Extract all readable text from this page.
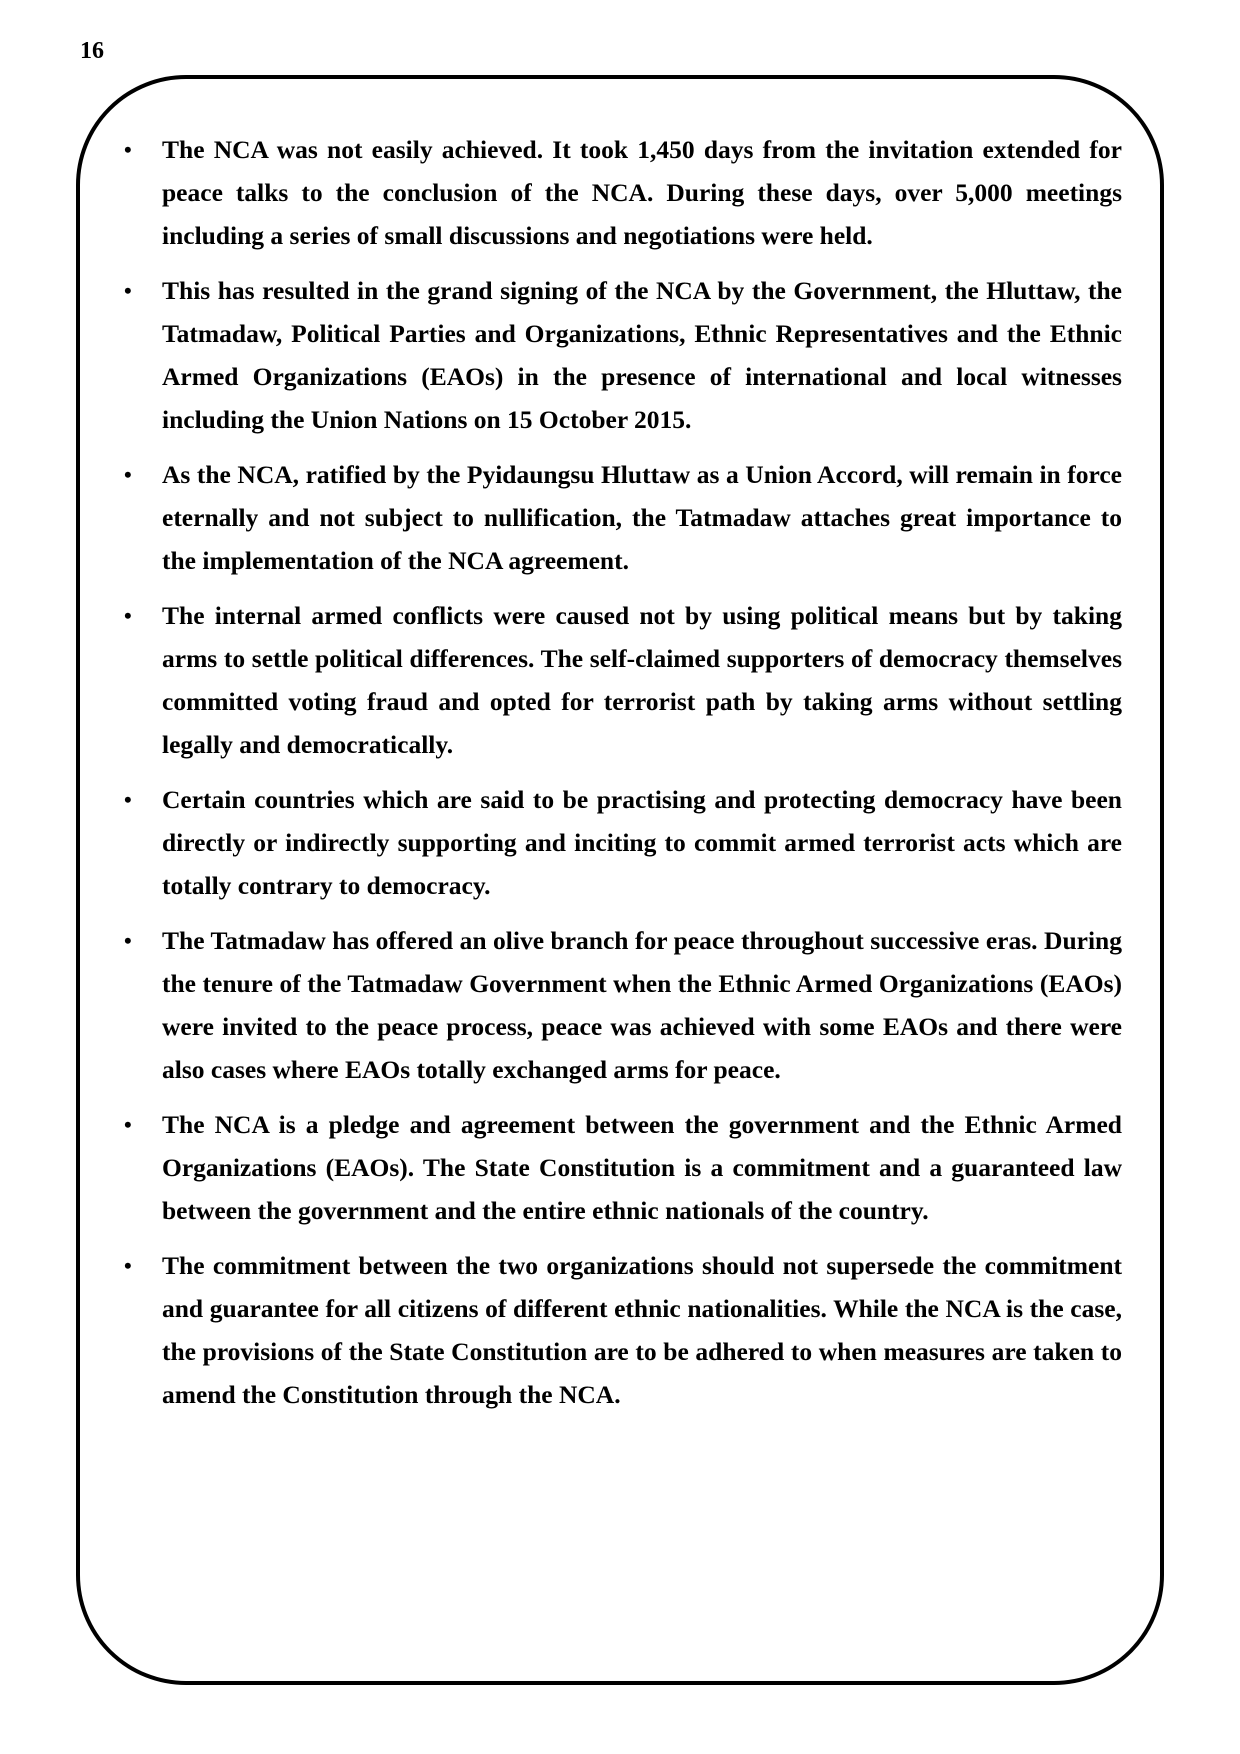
16
• The NCA was not easily achieved. It took 1,450 days from the invitation extended for peace talks to the conclusion of the NCA. During these days, over 5,000 meetings including a series of small discussions and negotiations were held.
• This has resulted in the grand signing of the NCA by the Government, the Hluttaw, the Tatmadaw, Political Parties and Organizations, Ethnic Representatives and the Ethnic Armed Organizations (EAOs) in the presence of international and local witnesses including the Union Nations on 15 October 2015.
• As the NCA, ratified by the Pyidaungsu Hluttaw as a Union Accord, will remain in force eternally and not subject to nullification, the Tatmadaw attaches great importance to the implementation of the NCA agreement.
• The internal armed conflicts were caused not by using political means but by taking arms to settle political differences. The self-claimed supporters of democracy themselves committed voting fraud and opted for terrorist path by taking arms without settling legally and democratically.
• Certain countries which are said to be practising and protecting democracy have been directly or indirectly supporting and inciting to commit armed terrorist acts which are totally contrary to democracy.
• The Tatmadaw has offered an olive branch for peace throughout successive eras. During the tenure of the Tatmadaw Government when the Ethnic Armed Organizations (EAOs) were invited to the peace process, peace was achieved with some EAOs and there were also cases where EAOs totally exchanged arms for peace.
• The NCA is a pledge and agreement between the government and the Ethnic Armed Organizations (EAOs). The State Constitution is a commitment and a guaranteed law between the government and the entire ethnic nationals of the country.
• The commitment between the two organizations should not supersede the commitment and guarantee for all citizens of different ethnic nationalities. While the NCA is the case, the provisions of the State Constitution are to be adhered to when measures are taken to amend the Constitution through the NCA.
